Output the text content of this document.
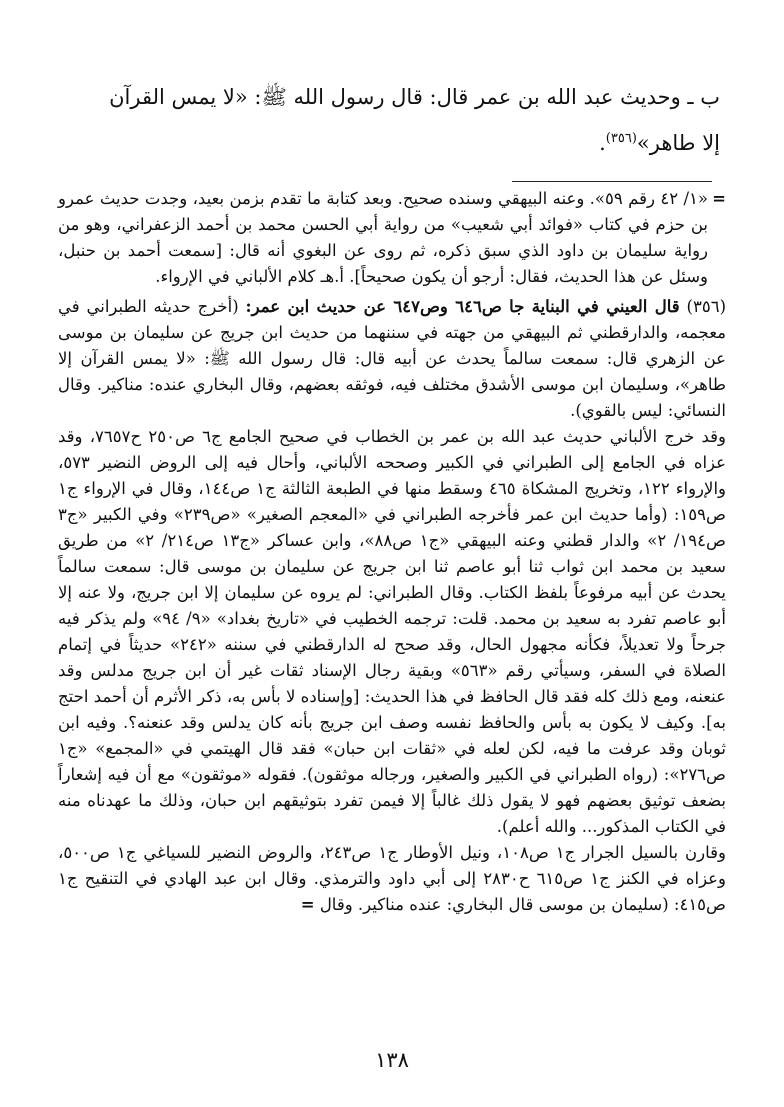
ب ـ وحديث عبد الله بن عمر قال: قال رسول الله ﷺ: «لا يمس القرآن

إلا طاهر»$^{(٣٥٦)}$.

=

«١/ ٤٢ رقم ٥٩». وعنه البيهقي وسنده صحيح. وبعد كتابة ما تقدم بزمن بعيد، وجدت حديث عمرو بن حزم في كتاب «فوائد أبي شعيب» من رواية أبي الحسن محمد بن أحمد الزعفراني، وهو من رواية سليمان بن داود الذي سبق ذكره، ثم روى عن البغوي أنه قال: [سمعت أحمد بن حنبل، وسئل عن هذا الحديث، فقال: أرجو أن يكون صحيحاً]. أ.هـ كلام الألباني في الإرواء.

(٣٥٦) قال العيني في البناية جا ص٦٤٦ وص٦٤٧ عن حديث ابن عمر: (أخرج حديثه الطبراني في معجمه، والدارقطني ثم البيهقي من جهته في سننهما من حديث ابن جريج عن سليمان بن موسى عن الزهري قال: سمعت سالماً يحدث عن أبيه قال: قال رسول الله ﷺ: «لا يمس القرآن إلا طاهر»، وسليمان ابن موسى الأشدق مختلف فيه، فوثقه بعضهم، وقال البخاري عنده: مناكير. وقال النسائي: ليس بالقوي).

وقد خرج الألباني حديث عبد الله بن عمر بن الخطاب في صحيح الجامع ج٦ ص٢٥٠ ح٧٦٥٧، وقد عزاه في الجامع إلى الطبراني في الكبير وصححه الألباني، وأحال فيه إلى الروض النضير ٥٧٣، والإرواء ١٢٢، وتخريج المشكاة ٤٦٥ وسقط منها في الطبعة الثالثة ج١ ص١٤٤، وقال في الإرواء ج١ ص١٥٩: (وأما حديث ابن عمر فأخرجه الطبراني في «المعجم الصغير» «ص٢٣٩» وفي الكبير «ج٣ ص١٩٤/ ٢» والدار قطني وعنه البيهقي «ج١ ص٨٨»، وابن عساكر «ج١٣ ص٢١٤/ ٢» من طريق سعيد بن محمد ابن ثواب ثنا أبو عاصم ثنا ابن جريج عن سليمان بن موسى قال: سمعت سالماً يحدث عن أبيه مرفوعاً بلفظ الكتاب. وقال الطبراني: لم يروه عن سليمان إلا ابن جريج، ولا عنه إلا أبو عاصم تفرد به سعيد بن محمد. قلت: ترجمه الخطيب في «تاريخ بغداد» «٩/ ٩٤» ولم يذكر فيه جرحاً ولا تعديلاً، فكأنه مجهول الحال، وقد صحح له الدارقطني في سننه «٢٤٢» حديثاً في إتمام الصلاة في السفر، وسيأتي رقم «٥٦٣» وبقية رجال الإسناد ثقات غير أن ابن جريج مدلس وقد عنعنه، ومع ذلك كله فقد قال الحافظ في هذا الحديث: [وإسناده لا بأس به، ذكر الأثرم أن أحمد احتج به]. وكيف لا يكون به بأس والحافظ نفسه وصف ابن جريج بأنه كان يدلس وقد عنعنه؟. وفيه ابن ثوبان وقد عرفت ما فيه، لكن لعله في «ثقات ابن حبان» فقد قال الهيتمي في «المجمع» «ج١ ص٢٧٦»: (رواه الطبراني في الكبير والصغير، ورجاله موثقون). فقوله «موثقون» مع أن فيه إشعاراً بضعف توثيق بعضهم فهو لا يقول ذلك غالباً إلا فيمن تفرد بتوثيقهم ابن حبان، وذلك ما عهدناه منه في الكتاب المذكور... والله أعلم).

وقارن بالسيل الجرار ج١ ص١٠٨، ونيل الأوطار ج١ ص٢٤٣، والروض النضير للسياغي ج١ ص٥٠٠، وعزاه في الكنز ج١ ص٦١٥ ح٢٨٣٠ إلى أبي داود والترمذي. وقال ابن عبد الهادي في التنقيح ج١ ص٤١٥: (سليمان بن موسى قال البخاري: عنده مناكير. وقال =

١٣٨
